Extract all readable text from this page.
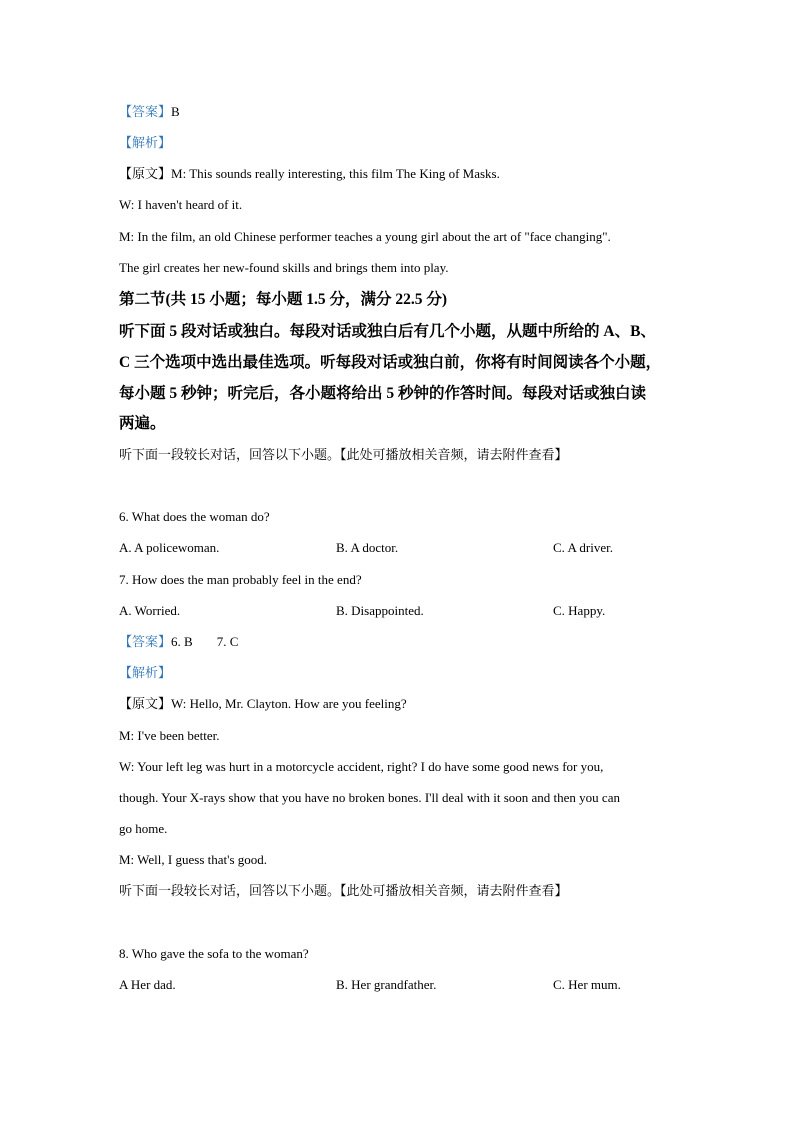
【答案】B
【解析】
【原文】M: This sounds really interesting, this film The King of Masks.
W: I haven't heard of it.
M: In the film, an old Chinese performer teaches a young girl about the art of "face changing".
The girl creates her new-found skills and brings them into play.
第二节(共 15 小题；每小题 1.5 分，满分 22.5 分)
听下面 5 段对话或独白。每段对话或独白后有几个小题，从题中所给的 A、B、
C 三个选项中选出最佳选项。听每段对话或独白前，你将有时间阅读各个小题，
每小题 5 秒钟；听完后，各小题将给出 5 秒钟的作答时间。每段对话或独白读
两遍。
听下面一段较长对话，回答以下小题。【此处可播放相关音频，请去附件查看】
6. What does the woman do?
A. A policewoman.	B. A doctor.	C. A driver.
7. How does the man probably feel in the end?
A. Worried.	B. Disappointed.	C. Happy.
【答案】6. B 7. C
【解析】
【原文】W: Hello, Mr. Clayton. How are you feeling?
M: I've been better.
W: Your left leg was hurt in a motorcycle accident, right? I do have some good news for you,
though. Your X-rays show that you have no broken bones. I'll deal with it soon and then you can
go home.
M: Well, I guess that's good.
听下面一段较长对话，回答以下小题。【此处可播放相关音频，请去附件查看】
8. Who gave the sofa to the woman?
A Her dad.	B. Her grandfather.	C. Her mum.
